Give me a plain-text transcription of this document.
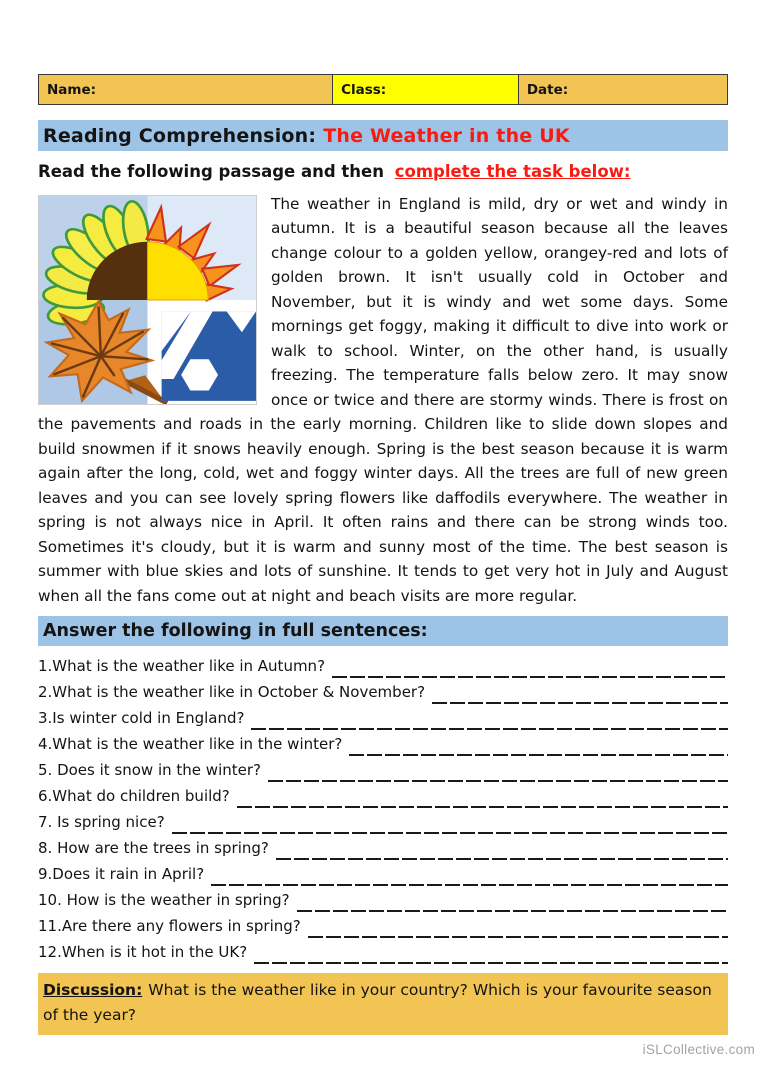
Name:	Class:	Date:
Reading Comprehension: The Weather in the UK
Read the following passage and then complete the task below:
The weather in England is mild, dry or wet and windy in autumn. It is a beautiful season because all the leaves change colour to a golden yellow, orangey-red and lots of golden brown. It isn't usually cold in October and November, but it is windy and wet some days. Some mornings get foggy, making it difficult to dive into work or walk to school. Winter, on the other hand, is usually freezing. The temperature falls below zero. It may snow once or twice and there are stormy winds. There is frost on the pavements and roads in the early morning. Children like to slide down slopes and build snowmen if it snows heavily enough. Spring is the best season because it is warm again after the long, cold, wet and foggy winter days. All the trees are full of new green leaves and you can see lovely spring flowers like daffodils everywhere. The weather in spring is not always nice in April. It often rains and there can be strong winds too. Sometimes it's cloudy, but it is warm and sunny most of the time. The best season is summer with blue skies and lots of sunshine. It tends to get very hot in July and August when all the fans come out at night and beach visits are more regular.
Answer the following in full sentences:
1.What is the weather like in Autumn?
2.What is the weather like in October & November?
3.Is winter cold in England?
4.What is the weather like in the winter?
5. Does it snow in the winter?
6.What do children build?
7. Is spring nice?
8. How are the trees in spring?
9.Does it rain in April?
10. How is the weather in spring?
11.Are there any flowers in spring?
12.When is it hot in the UK?
Discussion: What is the weather like in your country? Which is your favourite season of the year?
iSLCollective.com
